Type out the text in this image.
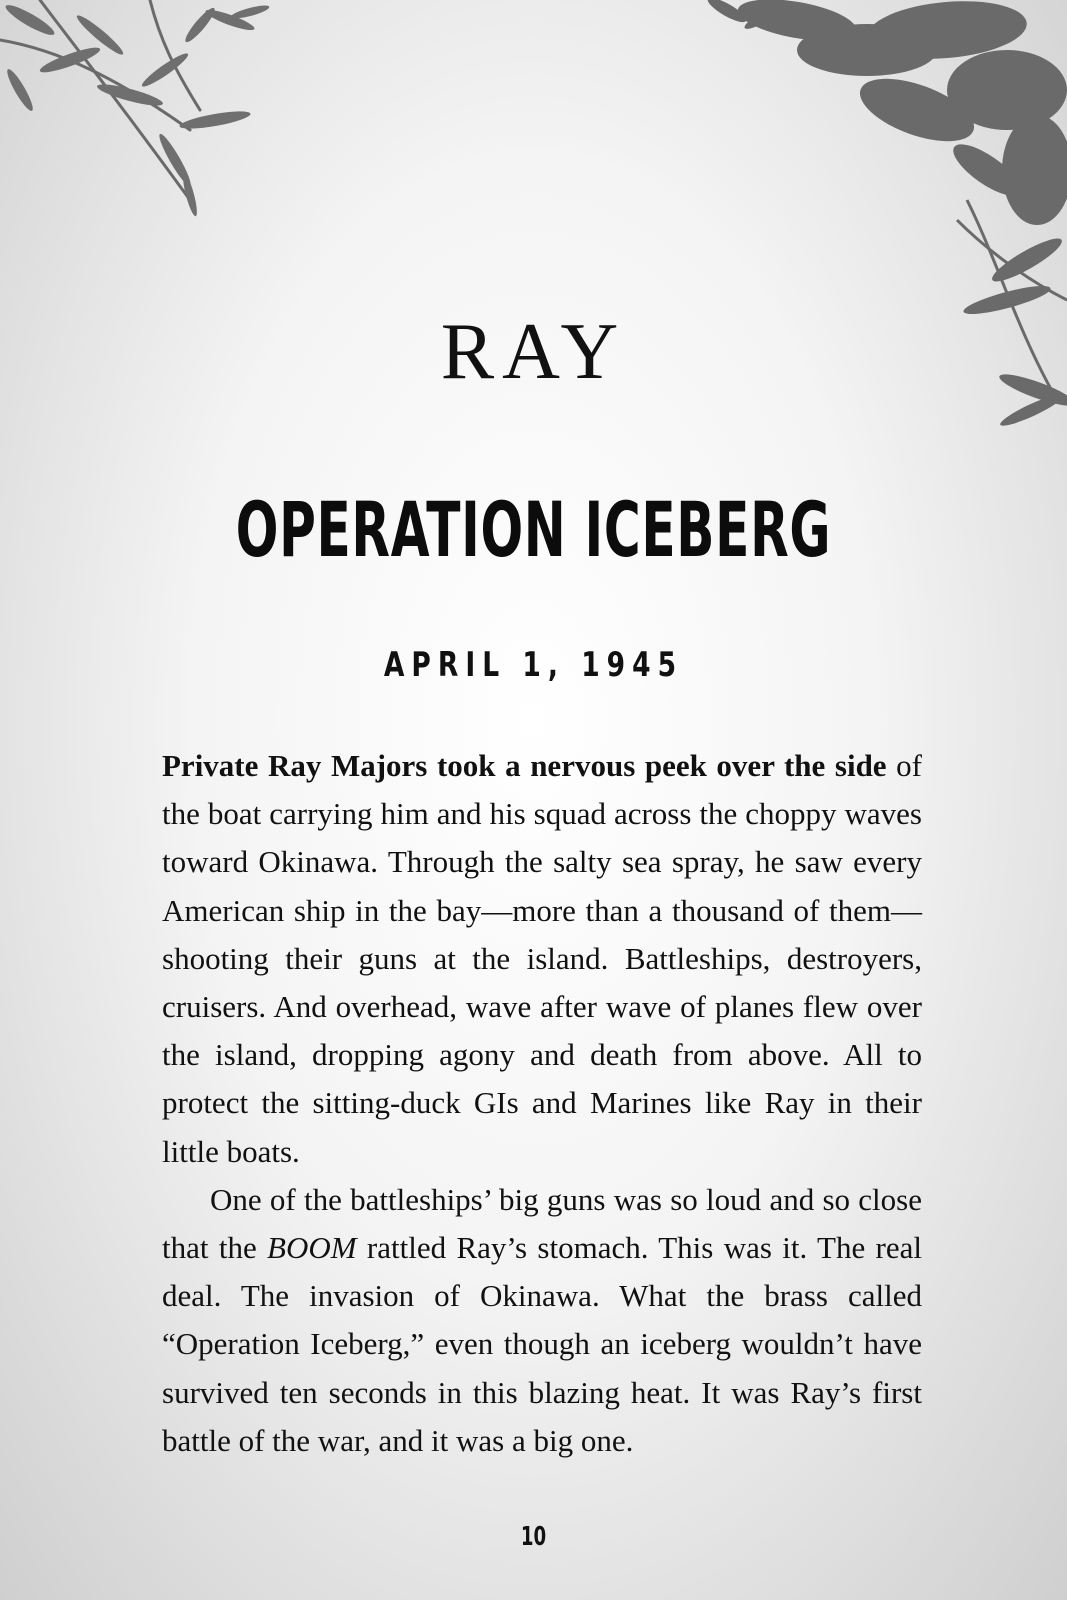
RAY
OPERATION ICEBERG
APRIL 1, 1945

Private Ray Majors took a nervous peek over the side of the boat carrying him and his squad across the choppy waves toward Okinawa. Through the salty sea spray, he saw every American ship in the bay—more than a thousand of them—shooting their guns at the island. Battleships, destroyers, cruisers. And overhead, wave after wave of planes flew over the island, dropping agony and death from above. All to protect the sitting-duck GIs and Marines like Ray in their little boats.

One of the battleships’ big guns was so loud and so close that the BOOM rattled Ray’s stomach. This was it. The real deal. The invasion of Okinawa. What the brass called “Operation Iceberg,” even though an iceberg wouldn’t have survived ten seconds in this blazing heat. It was Ray’s first battle of the war, and it was a big one.

10
